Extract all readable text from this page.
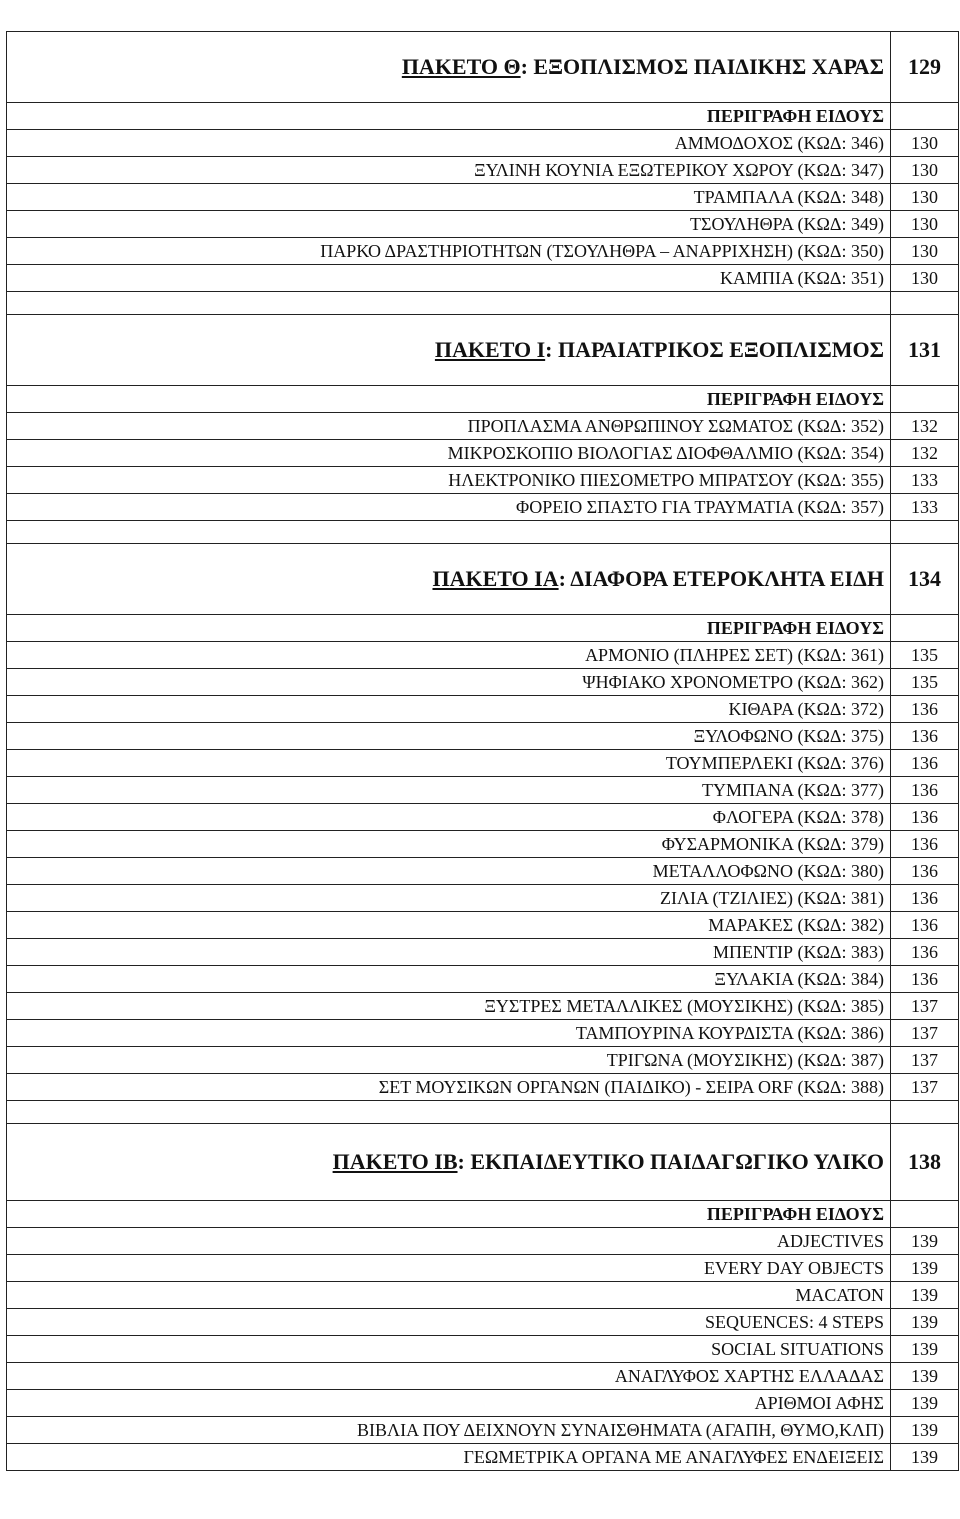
ΠΑΚΕΤΟ Θ: ΕΞΟΠΛΙΣΜΟΣ ΠΑΙΔΙΚΗΣ ΧΑΡΑΣ	129
ΠΕΡΙΓΡΑΦΗ ΕΙΔΟΥΣ	
ΑΜΜΟΔΟΧΟΣ (ΚΩΔ: 346)	130
ΞΥΛΙΝΗ ΚΟΥΝΙΑ ΕΞΩΤΕΡΙΚΟΥ ΧΩΡΟΥ (ΚΩΔ: 347)	130
ΤΡΑΜΠΑΛΑ (ΚΩΔ: 348)	130
ΤΣΟΥΛΗΘΡΑ (ΚΩΔ: 349)	130
ΠΑΡΚΟ ΔΡΑΣΤΗΡΙΟΤΗΤΩΝ (ΤΣΟΥΛΗΘΡΑ – ΑΝΑΡΡΙΧΗΣΗ) (ΚΩΔ: 350)	130
ΚΑΜΠΙΑ (ΚΩΔ: 351)	130

ΠΑΚΕΤΟ Ι: ΠΑΡΑΙΑΤΡΙΚΟΣ ΕΞΟΠΛΙΣΜΟΣ	131
ΠΕΡΙΓΡΑΦΗ ΕΙΔΟΥΣ	
ΠΡΟΠΛΑΣΜΑ ΑΝΘΡΩΠΙΝΟΥ ΣΩΜΑΤΟΣ (ΚΩΔ: 352)	132
ΜΙΚΡΟΣΚΟΠΙΟ ΒΙΟΛΟΓΙΑΣ ΔΙΟΦΘΑΛΜΙΟ (ΚΩΔ: 354)	132
ΗΛΕΚΤΡΟΝΙΚΟ ΠΙΕΣΟΜΕΤΡΟ ΜΠΡΑΤΣΟΥ (ΚΩΔ: 355)	133
ΦΟΡΕΙΟ ΣΠΑΣΤΟ ΓΙΑ ΤΡΑΥΜΑΤΙΑ (ΚΩΔ: 357)	133

ΠΑΚΕΤΟ ΙΑ: ΔΙΑΦΟΡΑ ΕΤΕΡΟΚΛΗΤΑ ΕΙΔΗ	134
ΠΕΡΙΓΡΑΦΗ ΕΙΔΟΥΣ	
ΑΡΜΟΝΙΟ (ΠΛΗΡΕΣ ΣΕΤ) (ΚΩΔ: 361)	135
ΨΗΦΙΑΚΟ ΧΡΟΝΟΜΕΤΡΟ (ΚΩΔ: 362)	135
ΚΙΘΑΡΑ (ΚΩΔ: 372)	136
ΞΥΛΟΦΩΝΟ (ΚΩΔ: 375)	136
ΤΟΥΜΠΕΡΛΕΚΙ (ΚΩΔ: 376)	136
ΤΥΜΠΑΝΑ (ΚΩΔ: 377)	136
ΦΛΟΓΕΡΑ (ΚΩΔ: 378)	136
ΦΥΣΑΡΜΟΝΙΚΑ (ΚΩΔ: 379)	136
ΜΕΤΑΛΛΟΦΩΝΟ (ΚΩΔ: 380)	136
ΖΙΛΙΑ (ΤΖΙΛΙΕΣ) (ΚΩΔ: 381)	136
ΜΑΡΑΚΕΣ (ΚΩΔ: 382)	136
ΜΠΕΝΤΙΡ (ΚΩΔ: 383)	136
ΞΥΛΑΚΙΑ (ΚΩΔ: 384)	136
ΞΥΣΤΡΕΣ ΜΕΤΑΛΛΙΚΕΣ (ΜΟΥΣΙΚΗΣ) (ΚΩΔ: 385)	137
ΤΑΜΠΟΥΡΙΝΑ ΚΟΥΡΔΙΣΤΑ (ΚΩΔ: 386)	137
ΤΡΙΓΩΝΑ (ΜΟΥΣΙΚΗΣ) (ΚΩΔ: 387)	137
ΣΕΤ ΜΟΥΣΙΚΩΝ ΟΡΓΑΝΩΝ (ΠΑΙΔΙΚΟ) - ΣΕΙΡΑ ORF (ΚΩΔ: 388)	137

ΠΑΚΕΤΟ ΙΒ: ΕΚΠΑΙΔΕΥΤΙΚΟ ΠΑΙΔΑΓΩΓΙΚΟ ΥΛΙΚΟ	138
ΠΕΡΙΓΡΑΦΗ ΕΙΔΟΥΣ	
ADJECTIVES	139
EVERY DAY OBJECTS	139
MACATON	139
SEQUENCES: 4 STEPS	139
SOCIAL SITUATIONS	139
ΑΝΑΓΛΥΦΟΣ ΧΑΡΤΗΣ ΕΛΛΑΔΑΣ	139
ΑΡΙΘΜΟΙ ΑΦΗΣ	139
ΒΙΒΛΙΑ ΠΟΥ ΔΕΙΧΝΟΥΝ ΣΥΝΑΙΣΘΗΜΑΤΑ (ΑΓΑΠΗ, ΘΥΜΟ,ΚΛΠ)	139
ΓΕΩΜΕΤΡΙΚΑ ΟΡΓΑΝΑ ΜΕ ΑΝΑΓΛΥΦΕΣ ΕΝΔΕΙΞΕΙΣ	139
